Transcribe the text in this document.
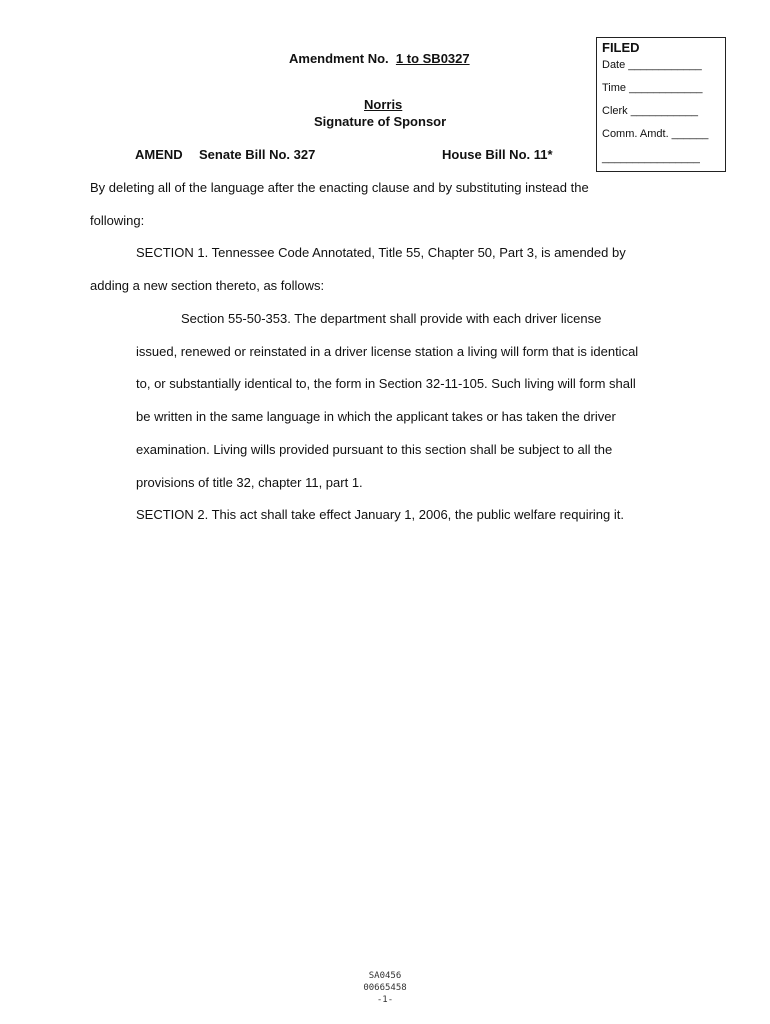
FILED
Date ____________
Time ____________
Clerk ___________
Comm. Amdt. ______
________________
Amendment No. 1 to SB0327
Norris
Signature of Sponsor
AMEND Senate Bill No. 327	House Bill No. 11*
By deleting all of the language after the enacting clause and by substituting instead the
following:
SECTION 1. Tennessee Code Annotated, Title 55, Chapter 50, Part 3, is amended by
adding a new section thereto, as follows:
Section 55-50-353. The department shall provide with each driver license
issued, renewed or reinstated in a driver license station a living will form that is identical
to, or substantially identical to, the form in Section 32-11-105. Such living will form shall
be written in the same language in which the applicant takes or has taken the driver
examination. Living wills provided pursuant to this section shall be subject to all the
provisions of title 32, chapter 11, part 1.
SECTION 2. This act shall take effect January 1, 2006, the public welfare requiring it.
SA0456
00665458
-1-
